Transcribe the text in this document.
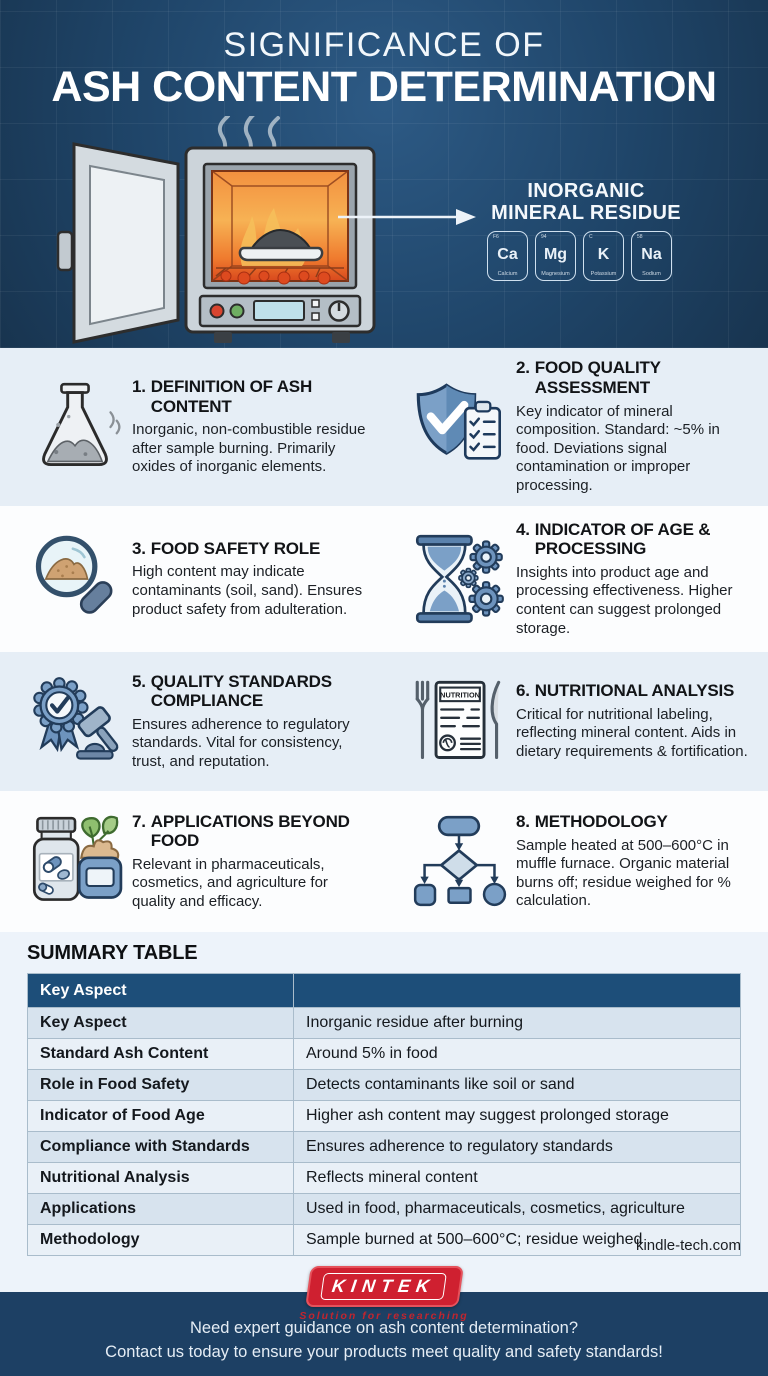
SIGNIFICANCE OF
ASH CONTENT DETERMINATION
INORGANIC
MINERAL RESIDUE
F6
Ca
Calcium
94
Mg
Magnesium
C
K
Potassium
58
Na
Sodium
1. DEFINITION OF ASH CONTENT
Inorganic, non-combustible residue after sample burning. Primarily oxides of inorganic elements.
2. FOOD QUALITY ASSESSMENT
Key indicator of mineral composition. Standard: ~5% in food. Deviations signal contamination or improper processing.
3. FOOD SAFETY ROLE
High content may indicate contaminants (soil, sand). Ensures product safety from adulteration.
4. INDICATOR OF AGE & PROCESSING
Insights into product age and processing effectiveness. Higher content can suggest prolonged storage.
5. QUALITY STANDARDS COMPLIANCE
Ensures adherence to regulatory standards. Vital for consistency, trust, and reputation.
NUTRITION 6. NUTRITIONAL ANALYSIS
Critical for nutritional labeling, reflecting mineral content. Aids in dietary requirements & fortification.
7. APPLICATIONS BEYOND FOOD
Relevant in pharmaceuticals, cosmetics, and agriculture for quality and efficacy.
8. METHODOLOGY
Sample heated at 500–600°C in muffle furnace. Organic material burns off; residue weighed for % calculation.
SUMMARY TABLE
Key Aspect
Key Aspect	Inorganic residue after burning
Standard Ash Content	Around 5% in food
Role in Food Safety	Detects contaminants like soil or sand
Indicator of Food Age	Higher ash content may suggest prolonged storage
Compliance with Standards	Ensures adherence to regulatory standards
Nutritional Analysis	Reflects mineral content
Applications	Used in food, pharmaceuticals, cosmetics, agriculture
Methodology	Sample burned at 500–600°C; residue weighed
kindle-tech.com
KINTEK
Solution for researching
Need expert guidance on ash content determination?
Contact us today to ensure your products meet quality and safety standards!
